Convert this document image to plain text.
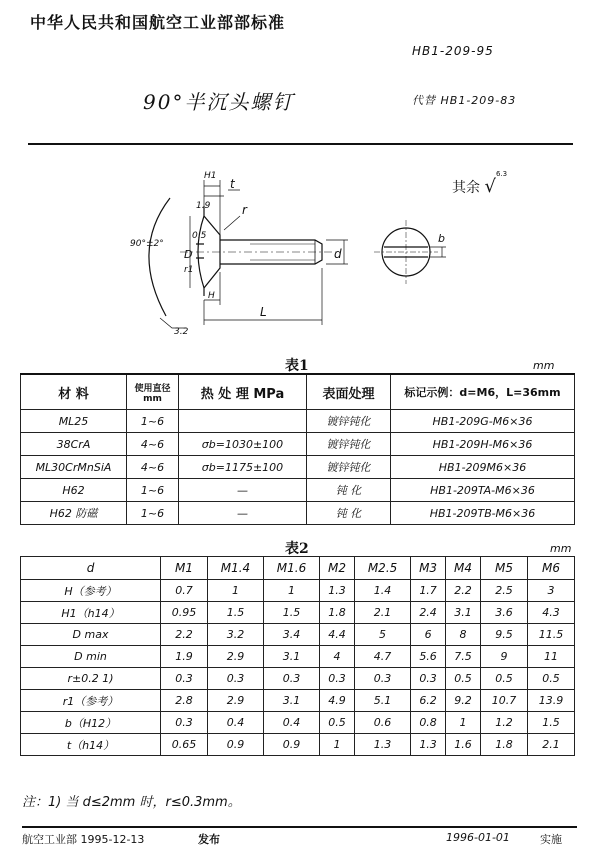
中华人民共和国航空工业部部标准
HB1-209-95
90°半沉头螺钉	代替 HB1-209-83
其余 √
6.3
H1
t
r
90°±2°
D
r1
H
L
d
b
0.5
1.9
3.2
表1	mm
材 料	使用直径 mm	热 处 理 MPa	表面处理	标记示例：d=M6，L=36mm
ML25	1~6		镀锌钝化	HB1-209G-M6×36
38CrA	4~6	σb=1030±100	镀锌钝化	HB1-209H-M6×36
ML30CrMnSiA	4~6	σb=1175±100	镀锌钝化	HB1-209M6×36
H62	1~6	—	钝 化	HB1-209TA-M6×36
H62 防磁	1~6	—	钝 化	HB1-209TB-M6×36
表2	mm
d	M1	M1.4	M1.6	M2	M2.5	M3	M4	M5	M6
H（参考）	0.7	1	1	1.3	1.4	1.7	2.2	2.5	3
H1（h14）	0.95	1.5	1.5	1.8	2.1	2.4	3.1	3.6	4.3
D max	2.2	3.2	3.4	4.4	5	6	8	9.5	11.5
D min	1.9	2.9	3.1	4	4.7	5.6	7.5	9	11
r±0.2 1)	0.3	0.3	0.3	0.3	0.3	0.3	0.5	0.5	0.5
r1（参考）	2.8	2.9	3.1	4.9	5.1	6.2	9.2	10.7	13.9
b（H12）	0.3	0.4	0.4	0.5	0.6	0.8	1	1.2	1.5
t（h14）	0.65	0.9	0.9	1	1.3	1.3	1.6	1.8	2.1
注：1) 当 d≤2mm 时，r≤0.3mm。
航空工业部 1995-12-13	发布	1996-01-01	实施
